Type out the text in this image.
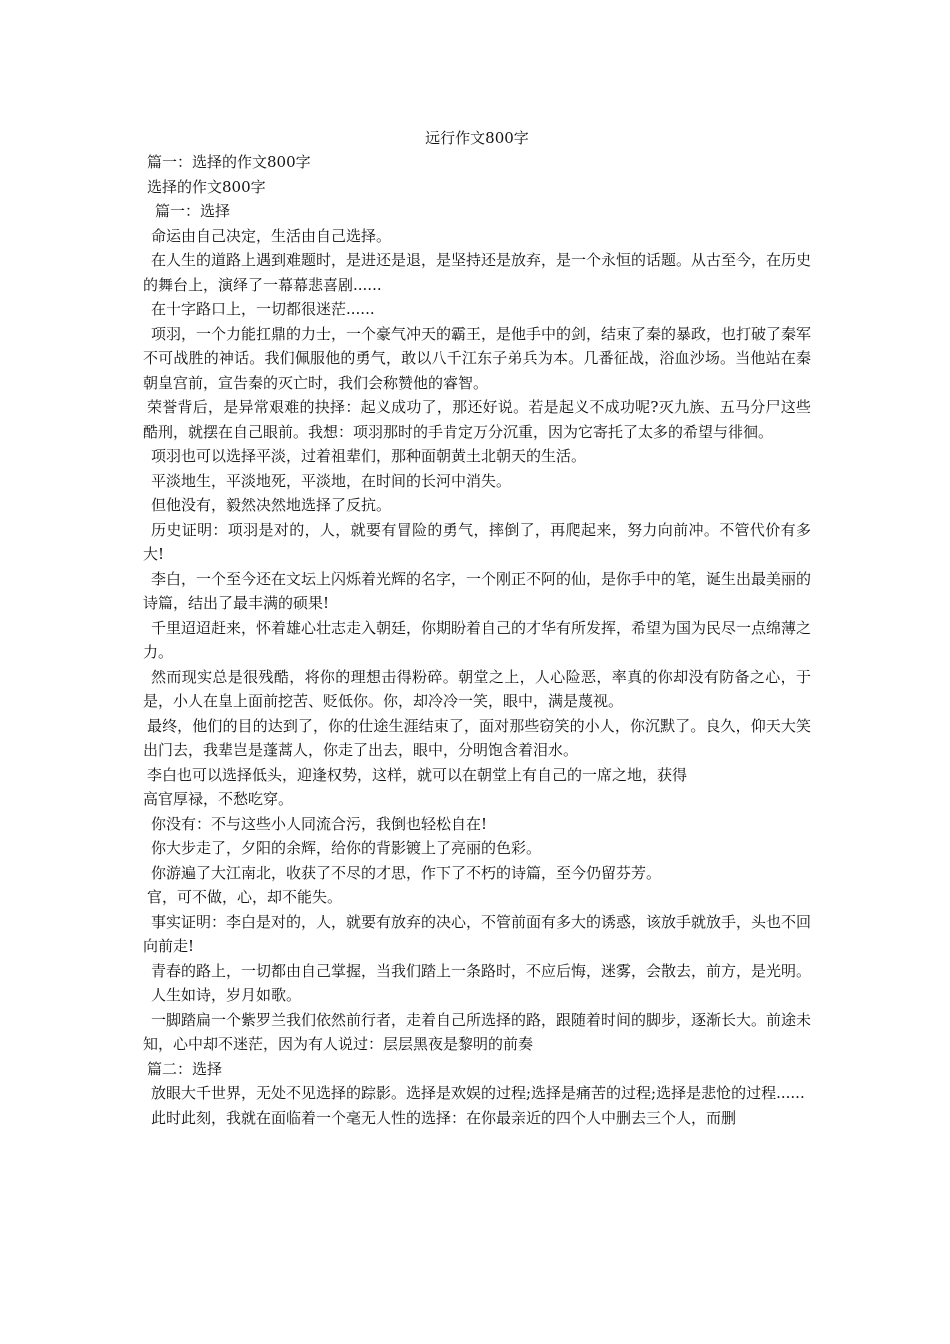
远行作文800字

篇一：选择的作文800字

选择的作文800字

篇一：选择

命运由自己决定，生活由自己选择。

在人生的道路上遇到难题时，是进还是退，是坚持还是放弃，是一个永恒的话题。从古至今，在历史的舞台上，演绎了一幕幕悲喜剧......

在十字路口上，一切都很迷茫......

项羽，一个力能扛鼎的力士，一个豪气冲天的霸王，是他手中的剑，结束了秦的暴政，也打破了秦军不可战胜的神话。我们佩服他的勇气，敢以八千江东子弟兵为本。几番征战，浴血沙场。当他站在秦朝皇宫前，宣告秦的灭亡时，我们会称赞他的睿智。

荣誉背后，是异常艰难的抉择：起义成功了，那还好说。若是起义不成功呢?灭九族、五马分尸这些酷刑，就摆在自己眼前。我想：项羽那时的手肯定万分沉重，因为它寄托了太多的希望与徘徊。

项羽也可以选择平淡，过着祖辈们，那种面朝黄土北朝天的生活。

平淡地生，平淡地死，平淡地，在时间的长河中消失。

但他没有，毅然决然地选择了反抗。

历史证明：项羽是对的，人，就要有冒险的勇气，摔倒了，再爬起来，努力向前冲。不管代价有多大!

李白，一个至今还在文坛上闪烁着光辉的名字，一个刚正不阿的仙，是你手中的笔，诞生出最美丽的诗篇，结出了最丰满的硕果!

千里迢迢赶来，怀着雄心壮志走入朝廷，你期盼着自己的才华有所发挥，希望为国为民尽一点绵薄之力。

然而现实总是很残酷，将你的理想击得粉碎。朝堂之上，人心险恶，率真的你却没有防备之心，于是，小人在皇上面前挖苦、贬低你。你，却冷冷一笑，眼中，满是蔑视。

最终，他们的目的达到了，你的仕途生涯结束了，面对那些窃笑的小人，你沉默了。良久，仰天大笑出门去，我辈岂是蓬蒿人，你走了出去，眼中，分明饱含着泪水。

李白也可以选择低头，迎逢权势，这样，就可以在朝堂上有自己的一席之地，获得

高官厚禄，不愁吃穿。

你没有：不与这些小人同流合污，我倒也轻松自在!

你大步走了，夕阳的余辉，给你的背影镀上了亮丽的色彩。

你游遍了大江南北，收获了不尽的才思，作下了不朽的诗篇，至今仍留芬芳。

官，可不做，心，却不能失。

事实证明：李白是对的，人，就要有放弃的决心，不管前面有多大的诱惑，该放手就放手，头也不回向前走!

青春的路上，一切都由自己掌握，当我们踏上一条路时，不应后悔，迷雾，会散去，前方，是光明。

人生如诗，岁月如歌。

一脚踏扁一个紫罗兰我们依然前行者，走着自己所选择的路，跟随着时间的脚步，逐渐长大。前途未知，心中却不迷茫，因为有人说过：层层黑夜是黎明的前奏

篇二：选择

放眼大千世界，无处不见选择的踪影。选择是欢娱的过程;选择是痛苦的过程;选择是悲怆的过程......

此时此刻，我就在面临着一个毫无人性的选择：在你最亲近的四个人中删去三个人，而删
